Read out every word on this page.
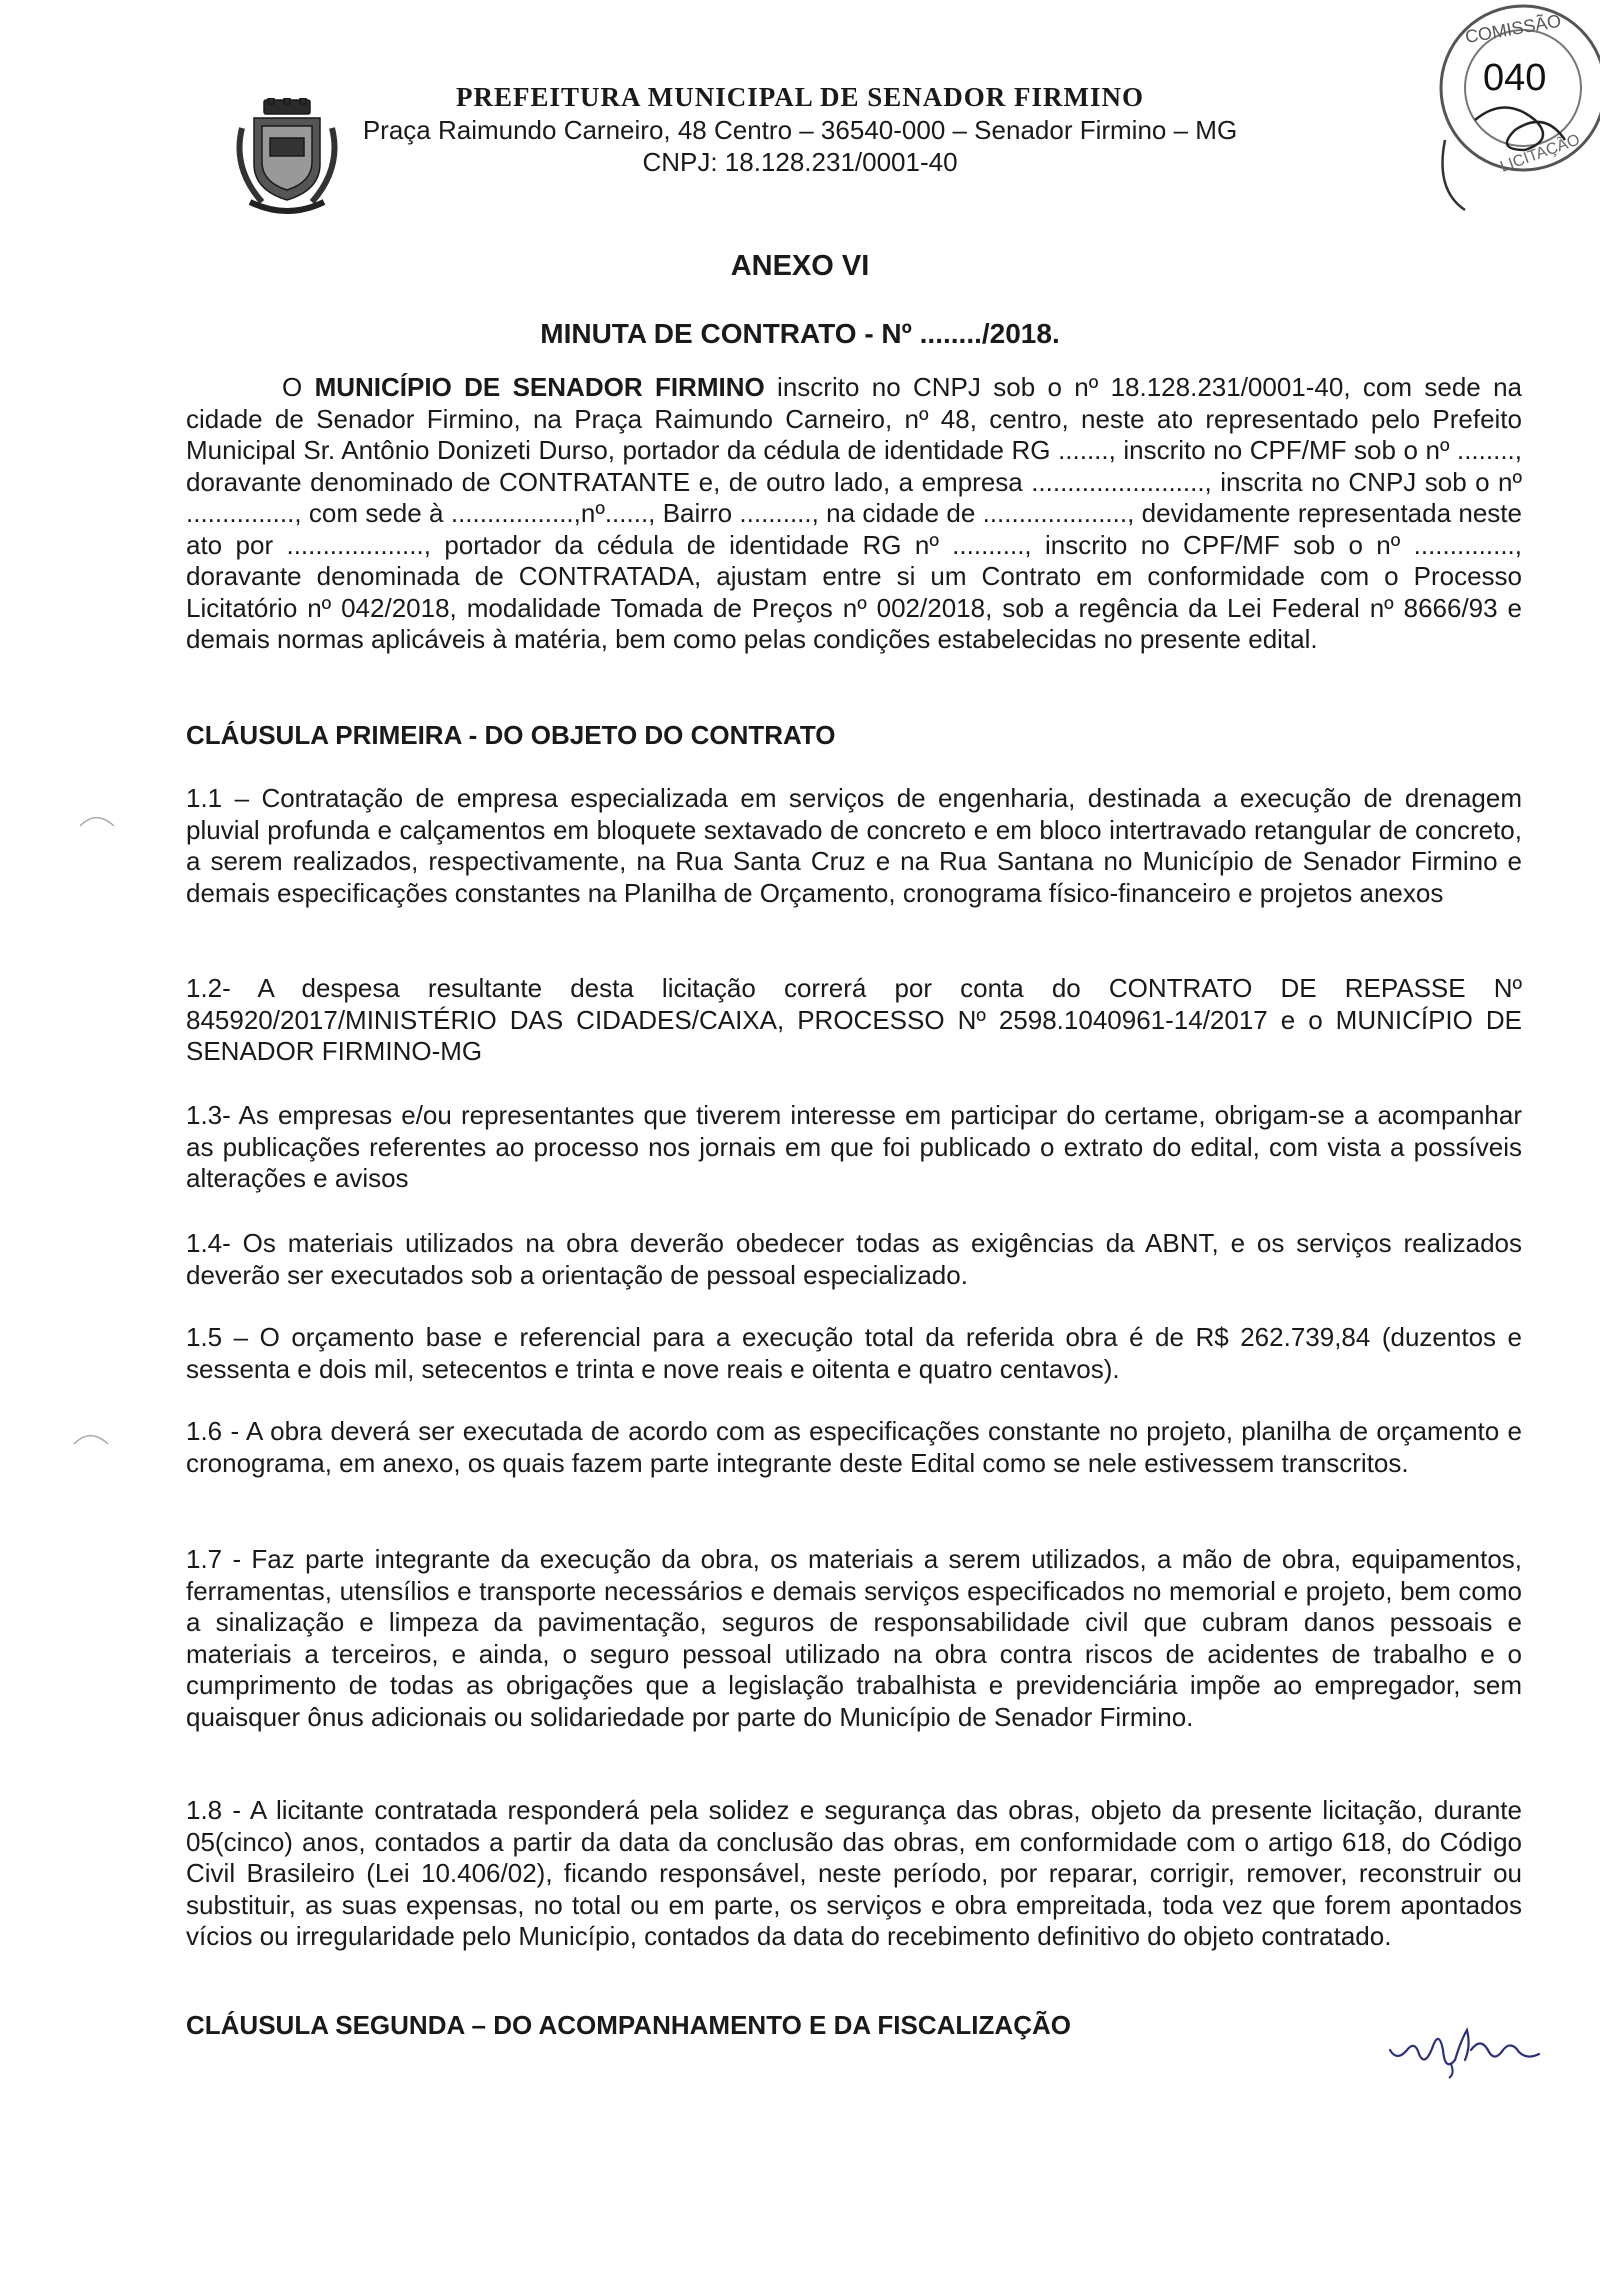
PREFEITURA MUNICIPAL DE SENADOR FIRMINO
Praça Raimundo Carneiro, 48 Centro – 36540-000 – Senador Firmino – MG
CNPJ: 18.128.231/0001-40
COMISSÃO
LICITAÇÃO
040
ANEXO VI
MINUTA DE CONTRATO - Nº ......../2018.
O MUNICÍPIO DE SENADOR FIRMINO inscrito no CNPJ sob o nº 18.128.231/0001-40, com sede na cidade de Senador Firmino, na Praça Raimundo Carneiro, nº 48, centro, neste ato representado pelo Prefeito Municipal Sr. Antônio Donizeti Durso, portador da cédula de identidade RG ......., inscrito no CPF/MF sob o nº ........, doravante denominado de CONTRATANTE e, de outro lado, a empresa ........................, inscrita no CNPJ sob o nº ..............., com sede à .................,nº......, Bairro .........., na cidade de ...................., devidamente representada neste ato por ..................., portador da cédula de identidade RG nº .........., inscrito no CPF/MF sob o nº .............., doravante denominada de CONTRATADA, ajustam entre si um Contrato em conformidade com o Processo Licitatório nº 042/2018, modalidade Tomada de Preços nº 002/2018, sob a regência da Lei Federal nº 8666/93 e demais normas aplicáveis à matéria, bem como pelas condições estabelecidas no presente edital.
CLÁUSULA PRIMEIRA - DO OBJETO DO CONTRATO
1.1 – Contratação de empresa especializada em serviços de engenharia, destinada a execução de drenagem pluvial profunda e calçamentos em bloquete sextavado de concreto e em bloco intertravado retangular de concreto, a serem realizados, respectivamente, na Rua Santa Cruz e na Rua Santana no Município de Senador Firmino e demais especificações constantes na Planilha de Orçamento, cronograma físico-financeiro e projetos anexos
1.2- A despesa resultante desta licitação correrá por conta do CONTRATO DE REPASSE Nº 845920/2017/MINISTÉRIO DAS CIDADES/CAIXA, PROCESSO Nº 2598.1040961-14/2017 e o MUNICÍPIO DE SENADOR FIRMINO-MG
1.3- As empresas e/ou representantes que tiverem interesse em participar do certame, obrigam-se a acompanhar as publicações referentes ao processo nos jornais em que foi publicado o extrato do edital, com vista a possíveis alterações e avisos
1.4- Os materiais utilizados na obra deverão obedecer todas as exigências da ABNT, e os serviços realizados deverão ser executados sob a orientação de pessoal especializado.
1.5 – O orçamento base e referencial para a execução total da referida obra é de R$ 262.739,84 (duzentos e sessenta e dois mil, setecentos e trinta e nove reais e oitenta e quatro centavos).
1.6 - A obra deverá ser executada de acordo com as especificações constante no projeto, planilha de orçamento e cronograma, em anexo, os quais fazem parte integrante deste Edital como se nele estivessem transcritos.
1.7 - Faz parte integrante da execução da obra, os materiais a serem utilizados, a mão de obra, equipamentos, ferramentas, utensílios e transporte necessários e demais serviços especificados no memorial e projeto, bem como a sinalização e limpeza da pavimentação, seguros de responsabilidade civil que cubram danos pessoais e materiais a terceiros, e ainda, o seguro pessoal utilizado na obra contra riscos de acidentes de trabalho e o cumprimento de todas as obrigações que a legislação trabalhista e previdenciária impõe ao empregador, sem quaisquer ônus adicionais ou solidariedade por parte do Município de Senador Firmino.
1.8 - A licitante contratada responderá pela solidez e segurança das obras, objeto da presente licitação, durante 05(cinco) anos, contados a partir da data da conclusão das obras, em conformidade com o artigo 618, do Código Civil Brasileiro (Lei 10.406/02), ficando responsável, neste período, por reparar, corrigir, remover, reconstruir ou substituir, as suas expensas, no total ou em parte, os serviços e obra empreitada, toda vez que forem apontados vícios ou irregularidade pelo Município, contados da data do recebimento definitivo do objeto contratado.
CLÁUSULA SEGUNDA – DO ACOMPANHAMENTO E DA FISCALIZAÇÃO
